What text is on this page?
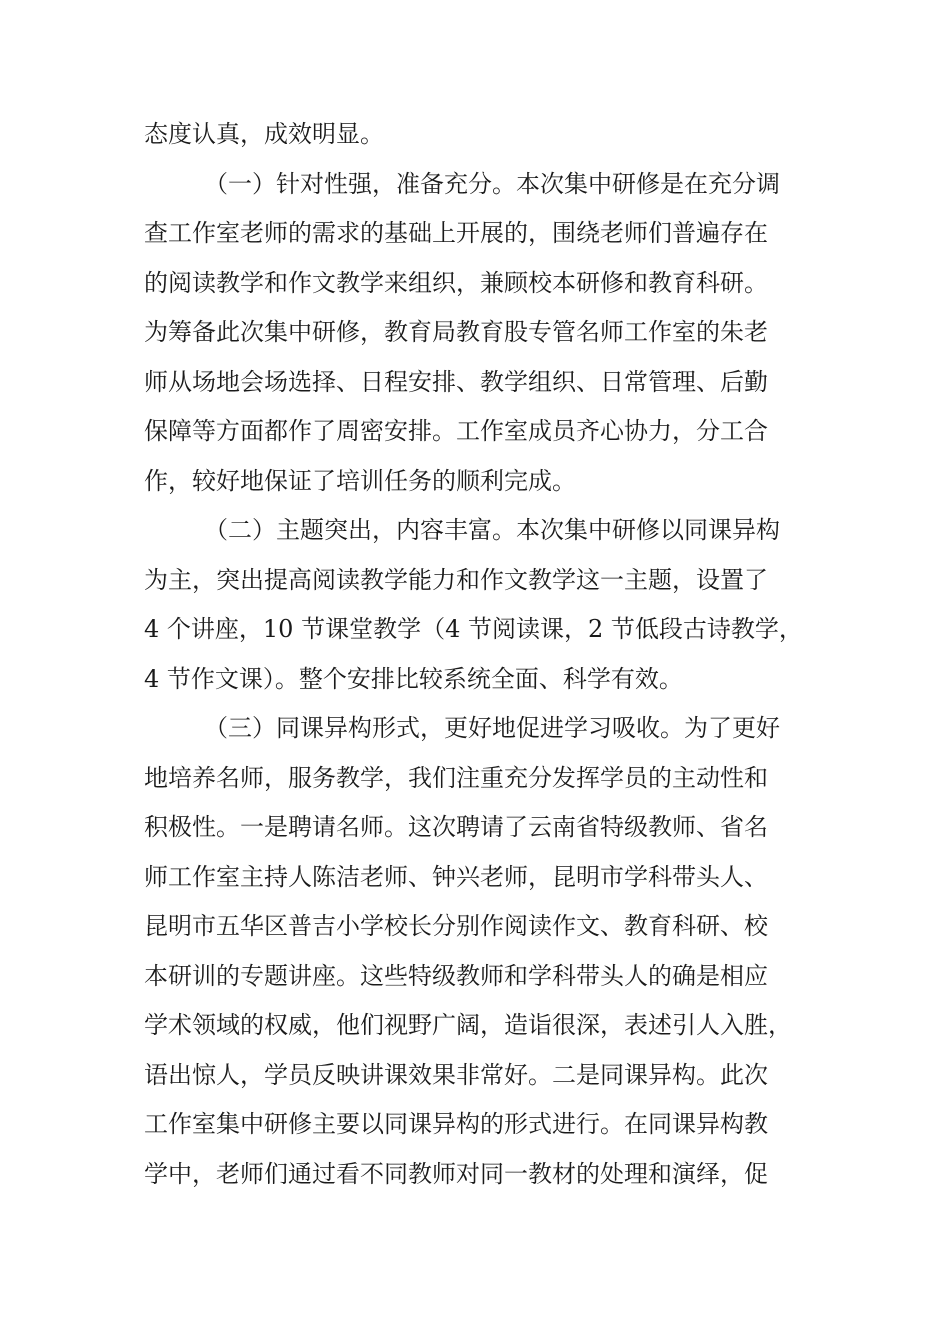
态度认真，成效明显。
（一）针对性强，准备充分。本次集中研修是在充分调
查工作室老师的需求的基础上开展的，围绕老师们普遍存在
的阅读教学和作文教学来组织，兼顾校本研修和教育科研。
为筹备此次集中研修，教育局教育股专管名师工作室的朱老
师从场地会场选择、日程安排、教学组织、日常管理、后勤
保障等方面都作了周密安排。工作室成员齐心协力，分工合
作，较好地保证了培训任务的顺利完成。
（二）主题突出，内容丰富。本次集中研修以同课异构
为主，突出提高阅读教学能力和作文教学这一主题，设置了
4 个讲座，10 节课堂教学（4 节阅读课，2 节低段古诗教学，
4 节作文课）。整个安排比较系统全面、科学有效。
（三）同课异构形式，更好地促进学习吸收。为了更好
地培养名师，服务教学，我们注重充分发挥学员的主动性和
积极性。一是聘请名师。这次聘请了云南省特级教师、省名
师工作室主持人陈洁老师、钟兴老师，昆明市学科带头人、
昆明市五华区普吉小学校长分别作阅读作文、教育科研、校
本研训的专题讲座。这些特级教师和学科带头人的确是相应
学术领域的权威，他们视野广阔，造诣很深，表述引人入胜，
语出惊人，学员反映讲课效果非常好。二是同课异构。此次
工作室集中研修主要以同课异构的形式进行。在同课异构教
学中，老师们通过看不同教师对同一教材的处理和演绎，促
